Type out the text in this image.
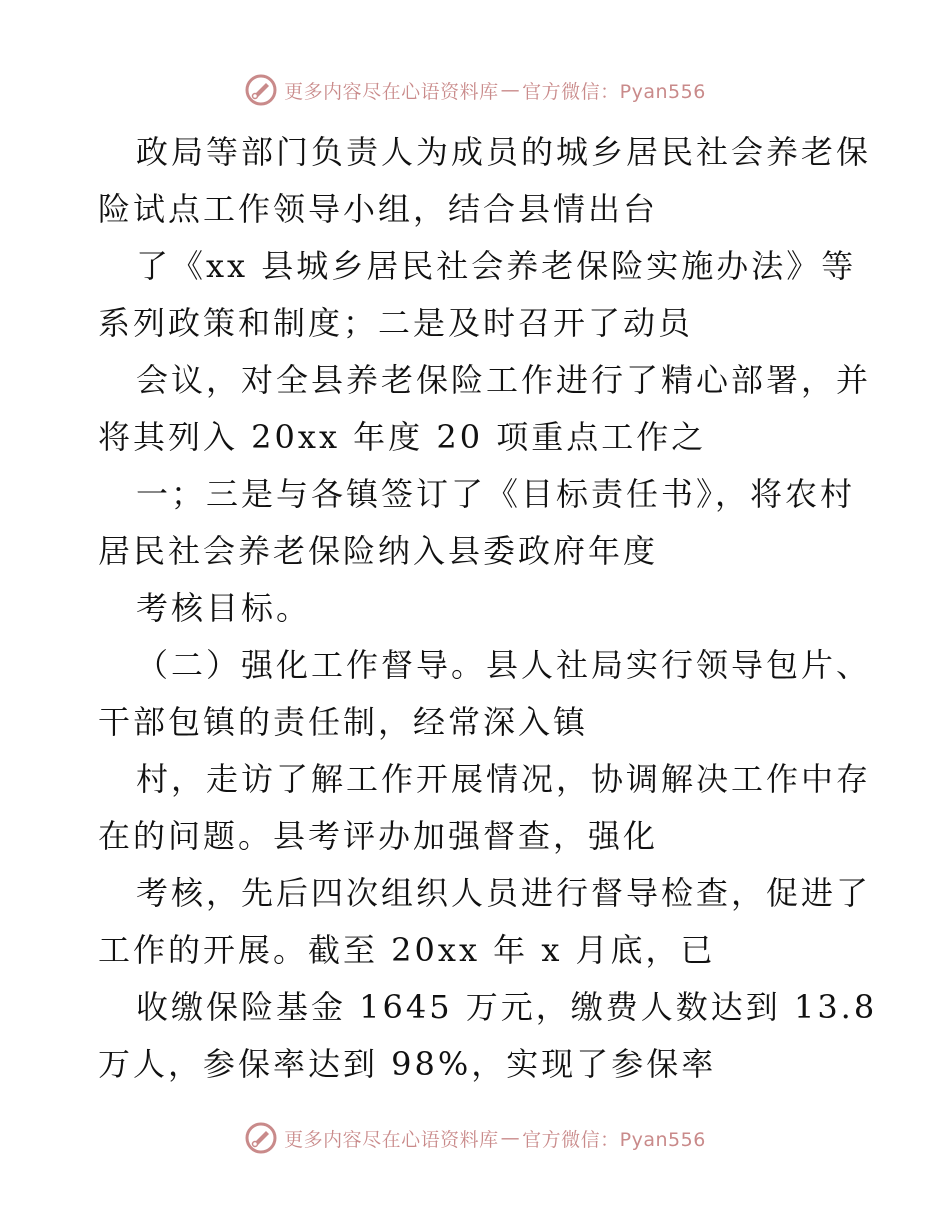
更多内容尽在心语资料库 — 官方微信：Pyan556
政局等部门负责人为成员的城乡居民社会养老保
险试点工作领导小组，结合县情出台
了《xx 县城乡居民社会养老保险实施办法》等
系列政策和制度；二是及时召开了动员
会议，对全县养老保险工作进行了精心部署，并
将其列入 20xx 年度 20 项重点工作之
一；三是与各镇签订了《目标责任书》，将农村
居民社会养老保险纳入县委政府年度
考核目标。
（二）强化工作督导。县人社局实行领导包片、
干部包镇的责任制，经常深入镇
村，走访了解工作开展情况，协调解决工作中存
在的问题。县考评办加强督查，强化
考核，先后四次组织人员进行督导检查，促进了
工作的开展。截至 20xx 年 x 月底，已
收缴保险基金 1645 万元，缴费人数达到 13.8
万人，参保率达到 98%，实现了参保率
更多内容尽在心语资料库 — 官方微信：Pyan556
